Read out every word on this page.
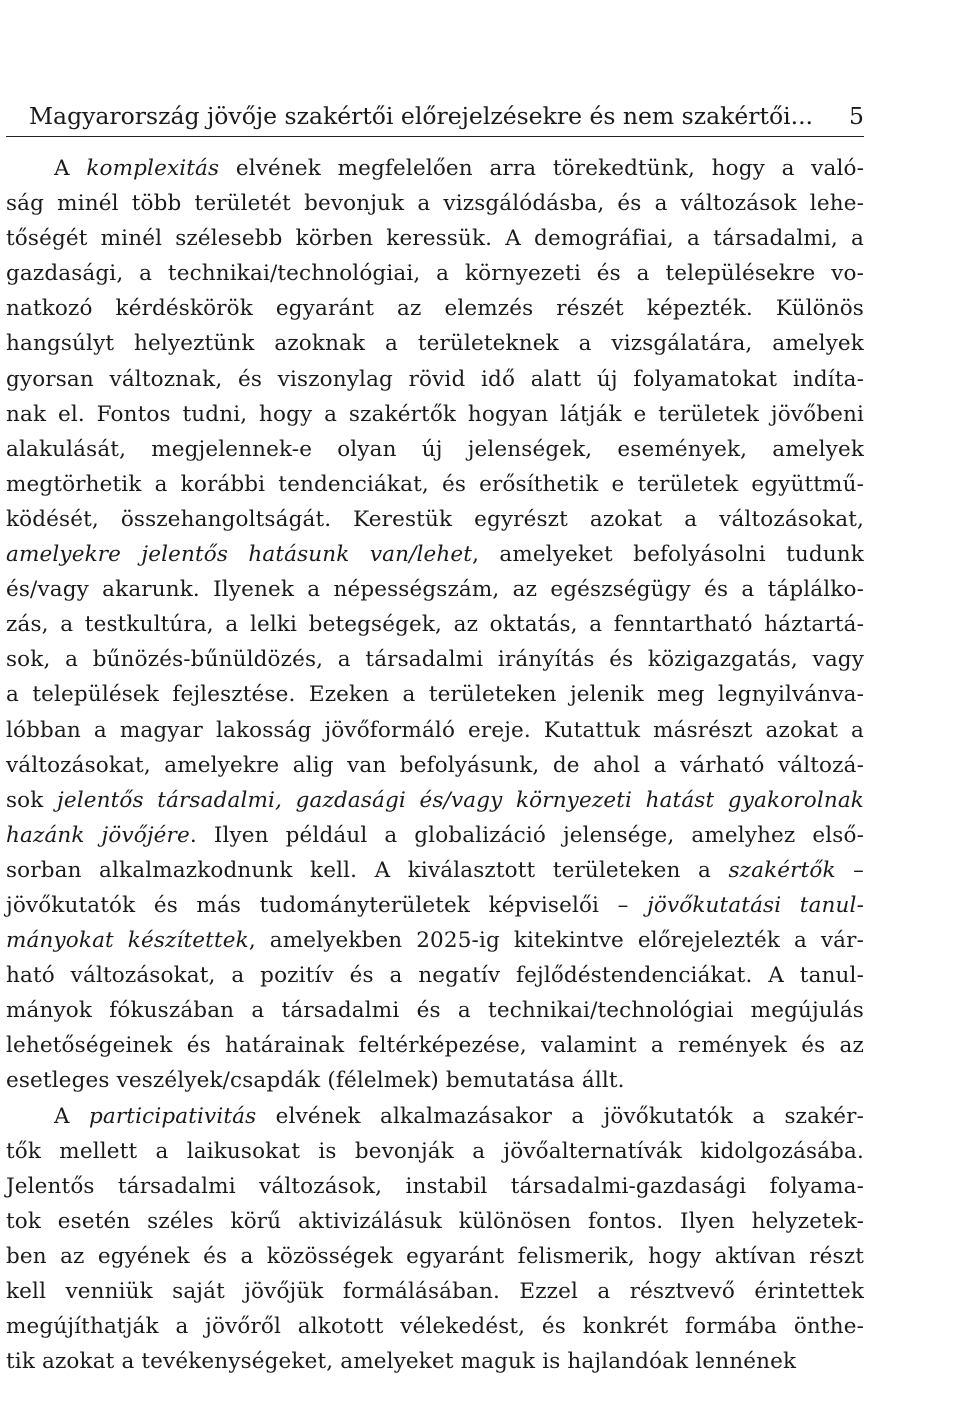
Magyarország jövője szakértői előrejelzésekre és nem szakértői... 5
A komplexitás elvének megfelelően arra törekedtünk, hogy a való-
ság minél több területét bevonjuk a vizsgálódásba, és a változások lehe-
tőségét minél szélesebb körben keressük. A demográfiai, a társadalmi, a
gazdasági, a technikai/technológiai, a környezeti és a településekre vo-
natkozó kérdéskörök egyaránt az elemzés részét képezték. Különös
hangsúlyt helyeztünk azoknak a területeknek a vizsgálatára, amelyek
gyorsan változnak, és viszonylag rövid idő alatt új folyamatokat indíta-
nak el. Fontos tudni, hogy a szakértők hogyan látják e területek jövőbeni
alakulását, megjelennek-e olyan új jelenségek, események, amelyek
megtörhetik a korábbi tendenciákat, és erősíthetik e területek együttmű-
ködését, összehangoltságát. Kerestük egyrészt azokat a változásokat,
amelyekre jelentős hatásunk van/lehet, amelyeket befolyásolni tudunk
és/vagy akarunk. Ilyenek a népességszám, az egészségügy és a táplálko-
zás, a testkultúra, a lelki betegségek, az oktatás, a fenntartható háztartá-
sok, a bűnözés-bűnüldözés, a társadalmi irányítás és közigazgatás, vagy
a települések fejlesztése. Ezeken a területeken jelenik meg legnyilvánva-
lóbban a magyar lakosság jövőformáló ereje. Kutattuk másrészt azokat a
változásokat, amelyekre alig van befolyásunk, de ahol a várható változá-
sok jelentős társadalmi, gazdasági és/vagy környezeti hatást gyakorolnak
hazánk jövőjére. Ilyen például a globalizáció jelensége, amelyhez első-
sorban alkalmazkodnunk kell. A kiválasztott területeken a szakértők –
jövőkutatók és más tudományterületek képviselői – jövőkutatási tanul-
mányokat készítettek, amelyekben 2025-ig kitekintve előrejelezték a vár-
ható változásokat, a pozitív és a negatív fejlődéstendenciákat. A tanul-
mányok fókuszában a társadalmi és a technikai/technológiai megújulás
lehetőségeinek és határainak feltérképezése, valamint a remények és az
esetleges veszélyek/csapdák (félelmek) bemutatása állt.
A participativitás elvének alkalmazásakor a jövőkutatók a szakér-
tők mellett a laikusokat is bevonják a jövőalternatívák kidolgozásába.
Jelentős társadalmi változások, instabil társadalmi-gazdasági folyama-
tok esetén széles körű aktivizálásuk különösen fontos. Ilyen helyzetek-
ben az egyének és a közösségek egyaránt felismerik, hogy aktívan részt
kell venniük saját jövőjük formálásában. Ezzel a résztvevő érintettek
megújíthatják a jövőről alkotott vélekedést, és konkrét formába önthe-
tik azokat a tevékenységeket, amelyeket maguk is hajlandóak lennének
